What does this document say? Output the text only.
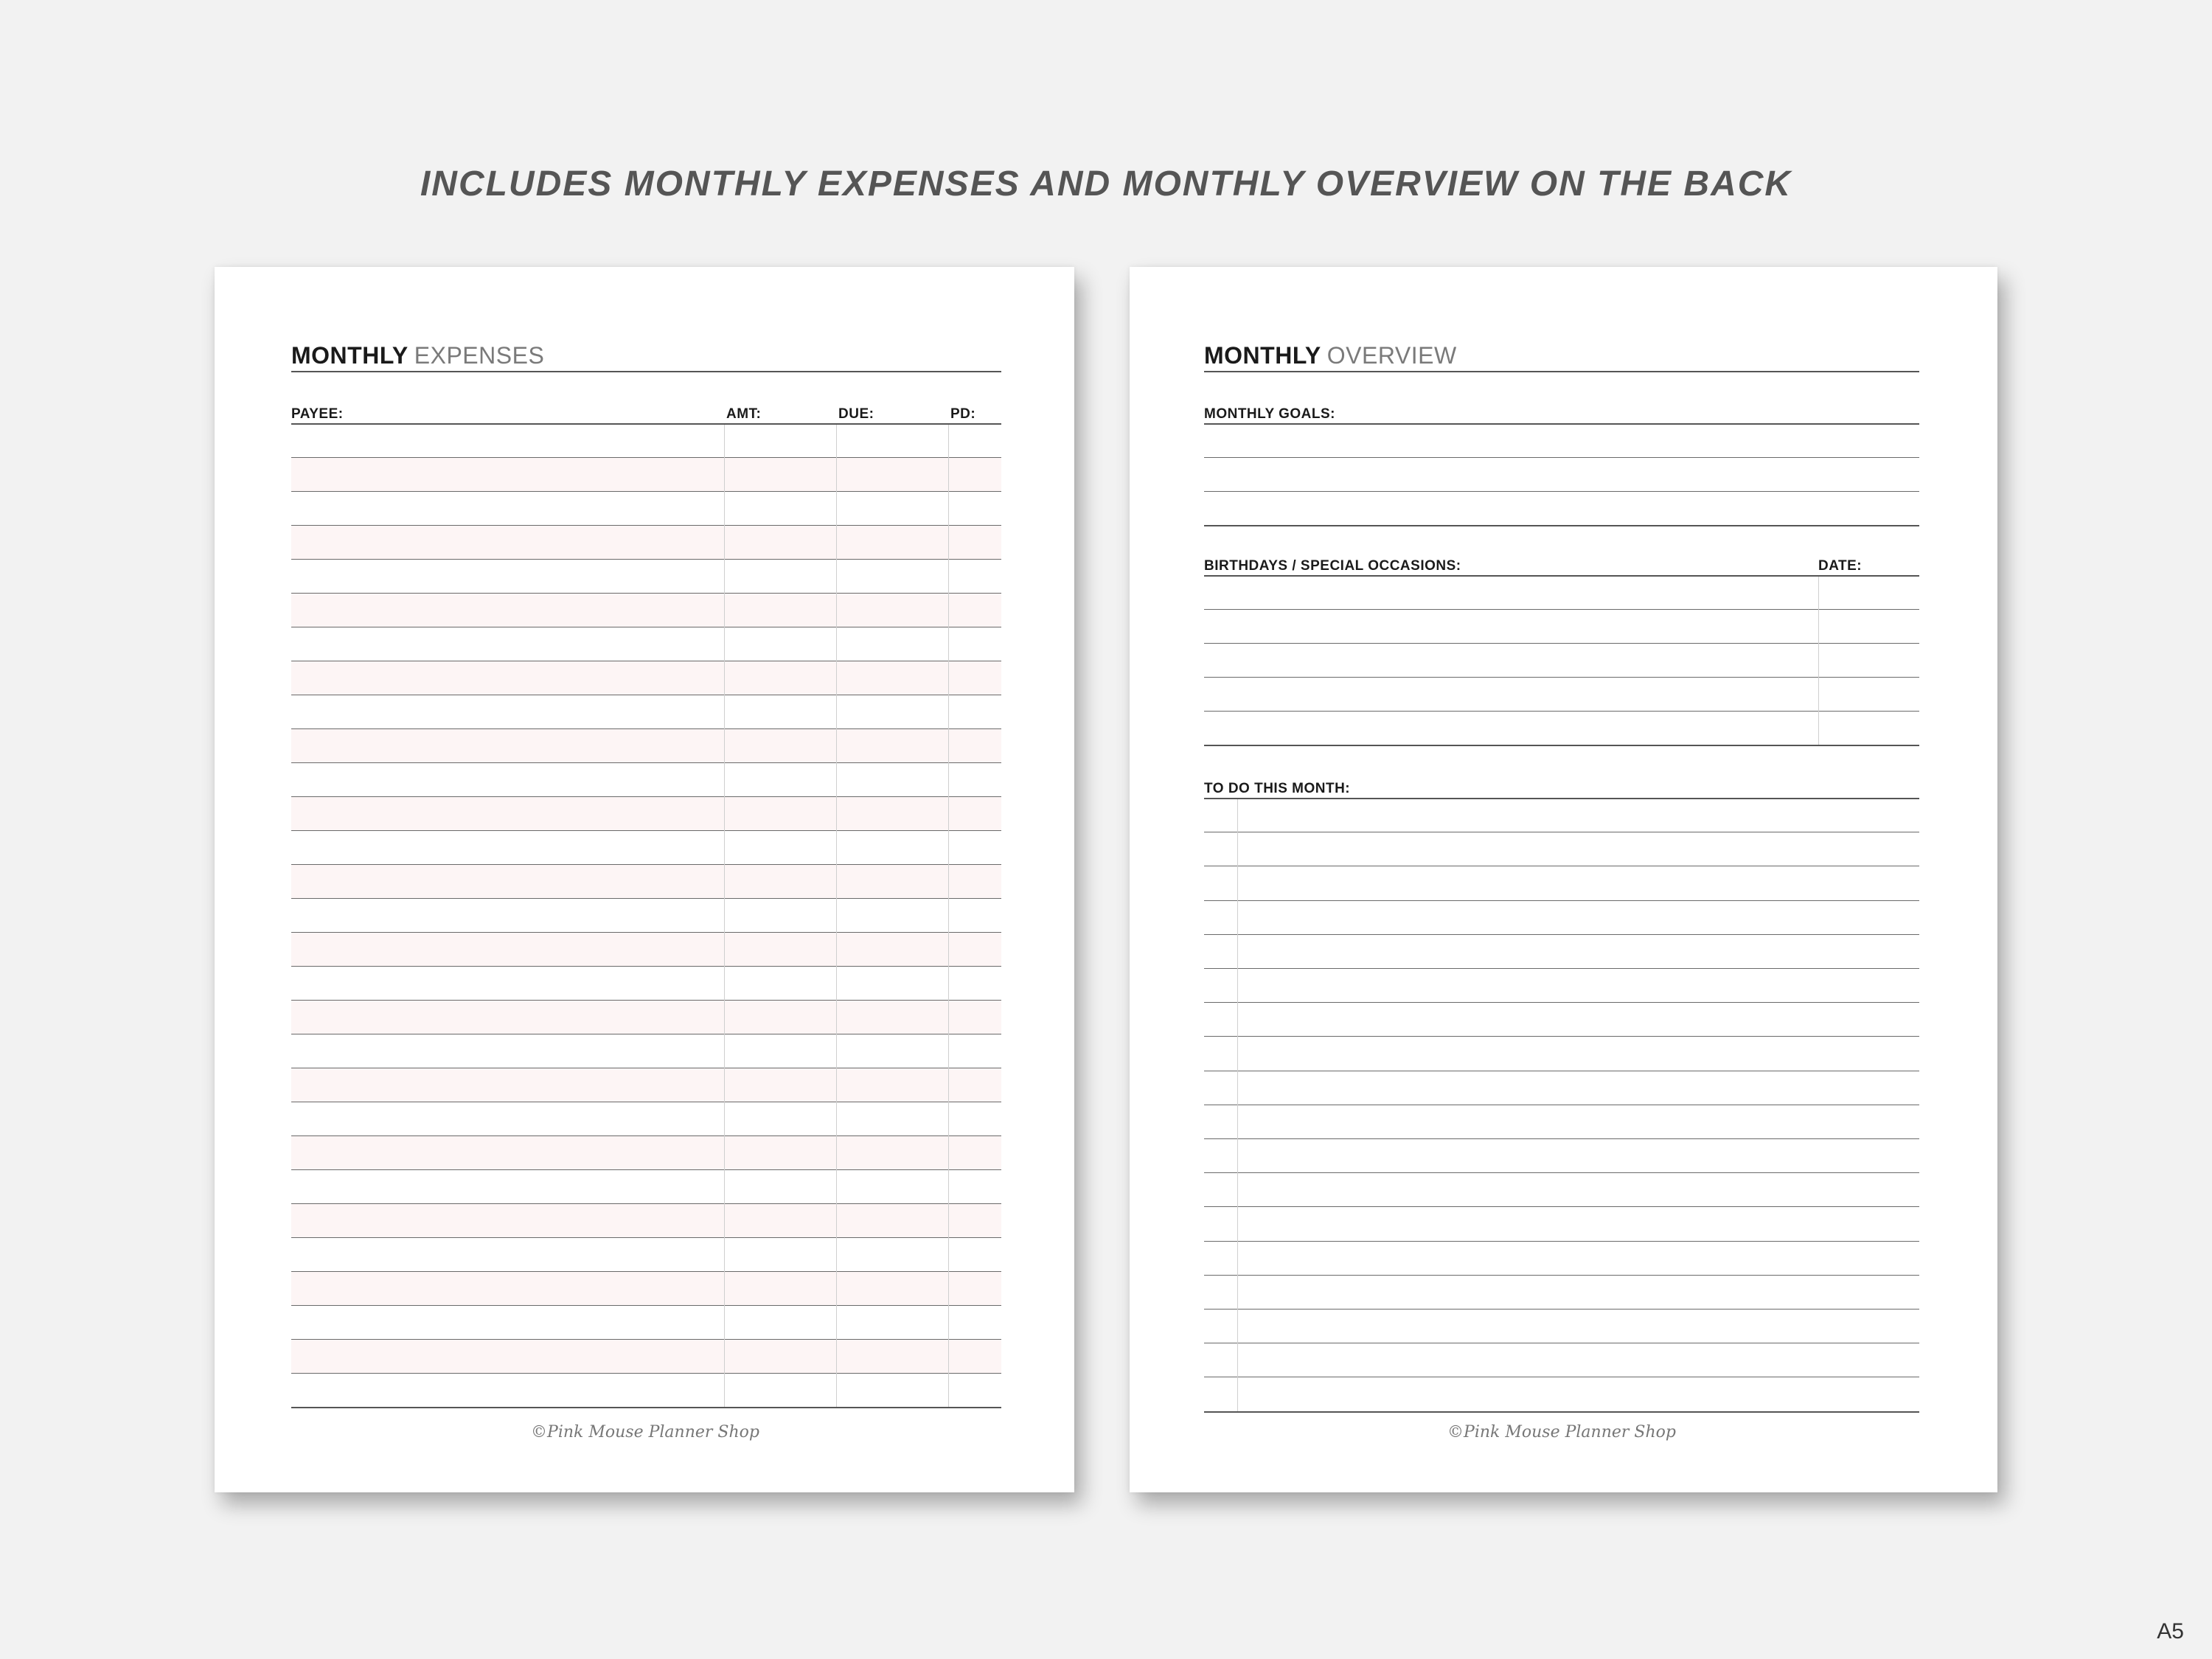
INCLUDES MONTHLY EXPENSES AND MONTHLY OVERVIEW ON THE BACK
MONTHLY EXPENSES
PAYEE:	AMT:	DUE:	PD:
©Pink Mouse Planner Shop
MONTHLY OVERVIEW
MONTHLY GOALS:
BIRTHDAYS / SPECIAL OCCASIONS:	DATE:
TO DO THIS MONTH:
©Pink Mouse Planner Shop
A5
